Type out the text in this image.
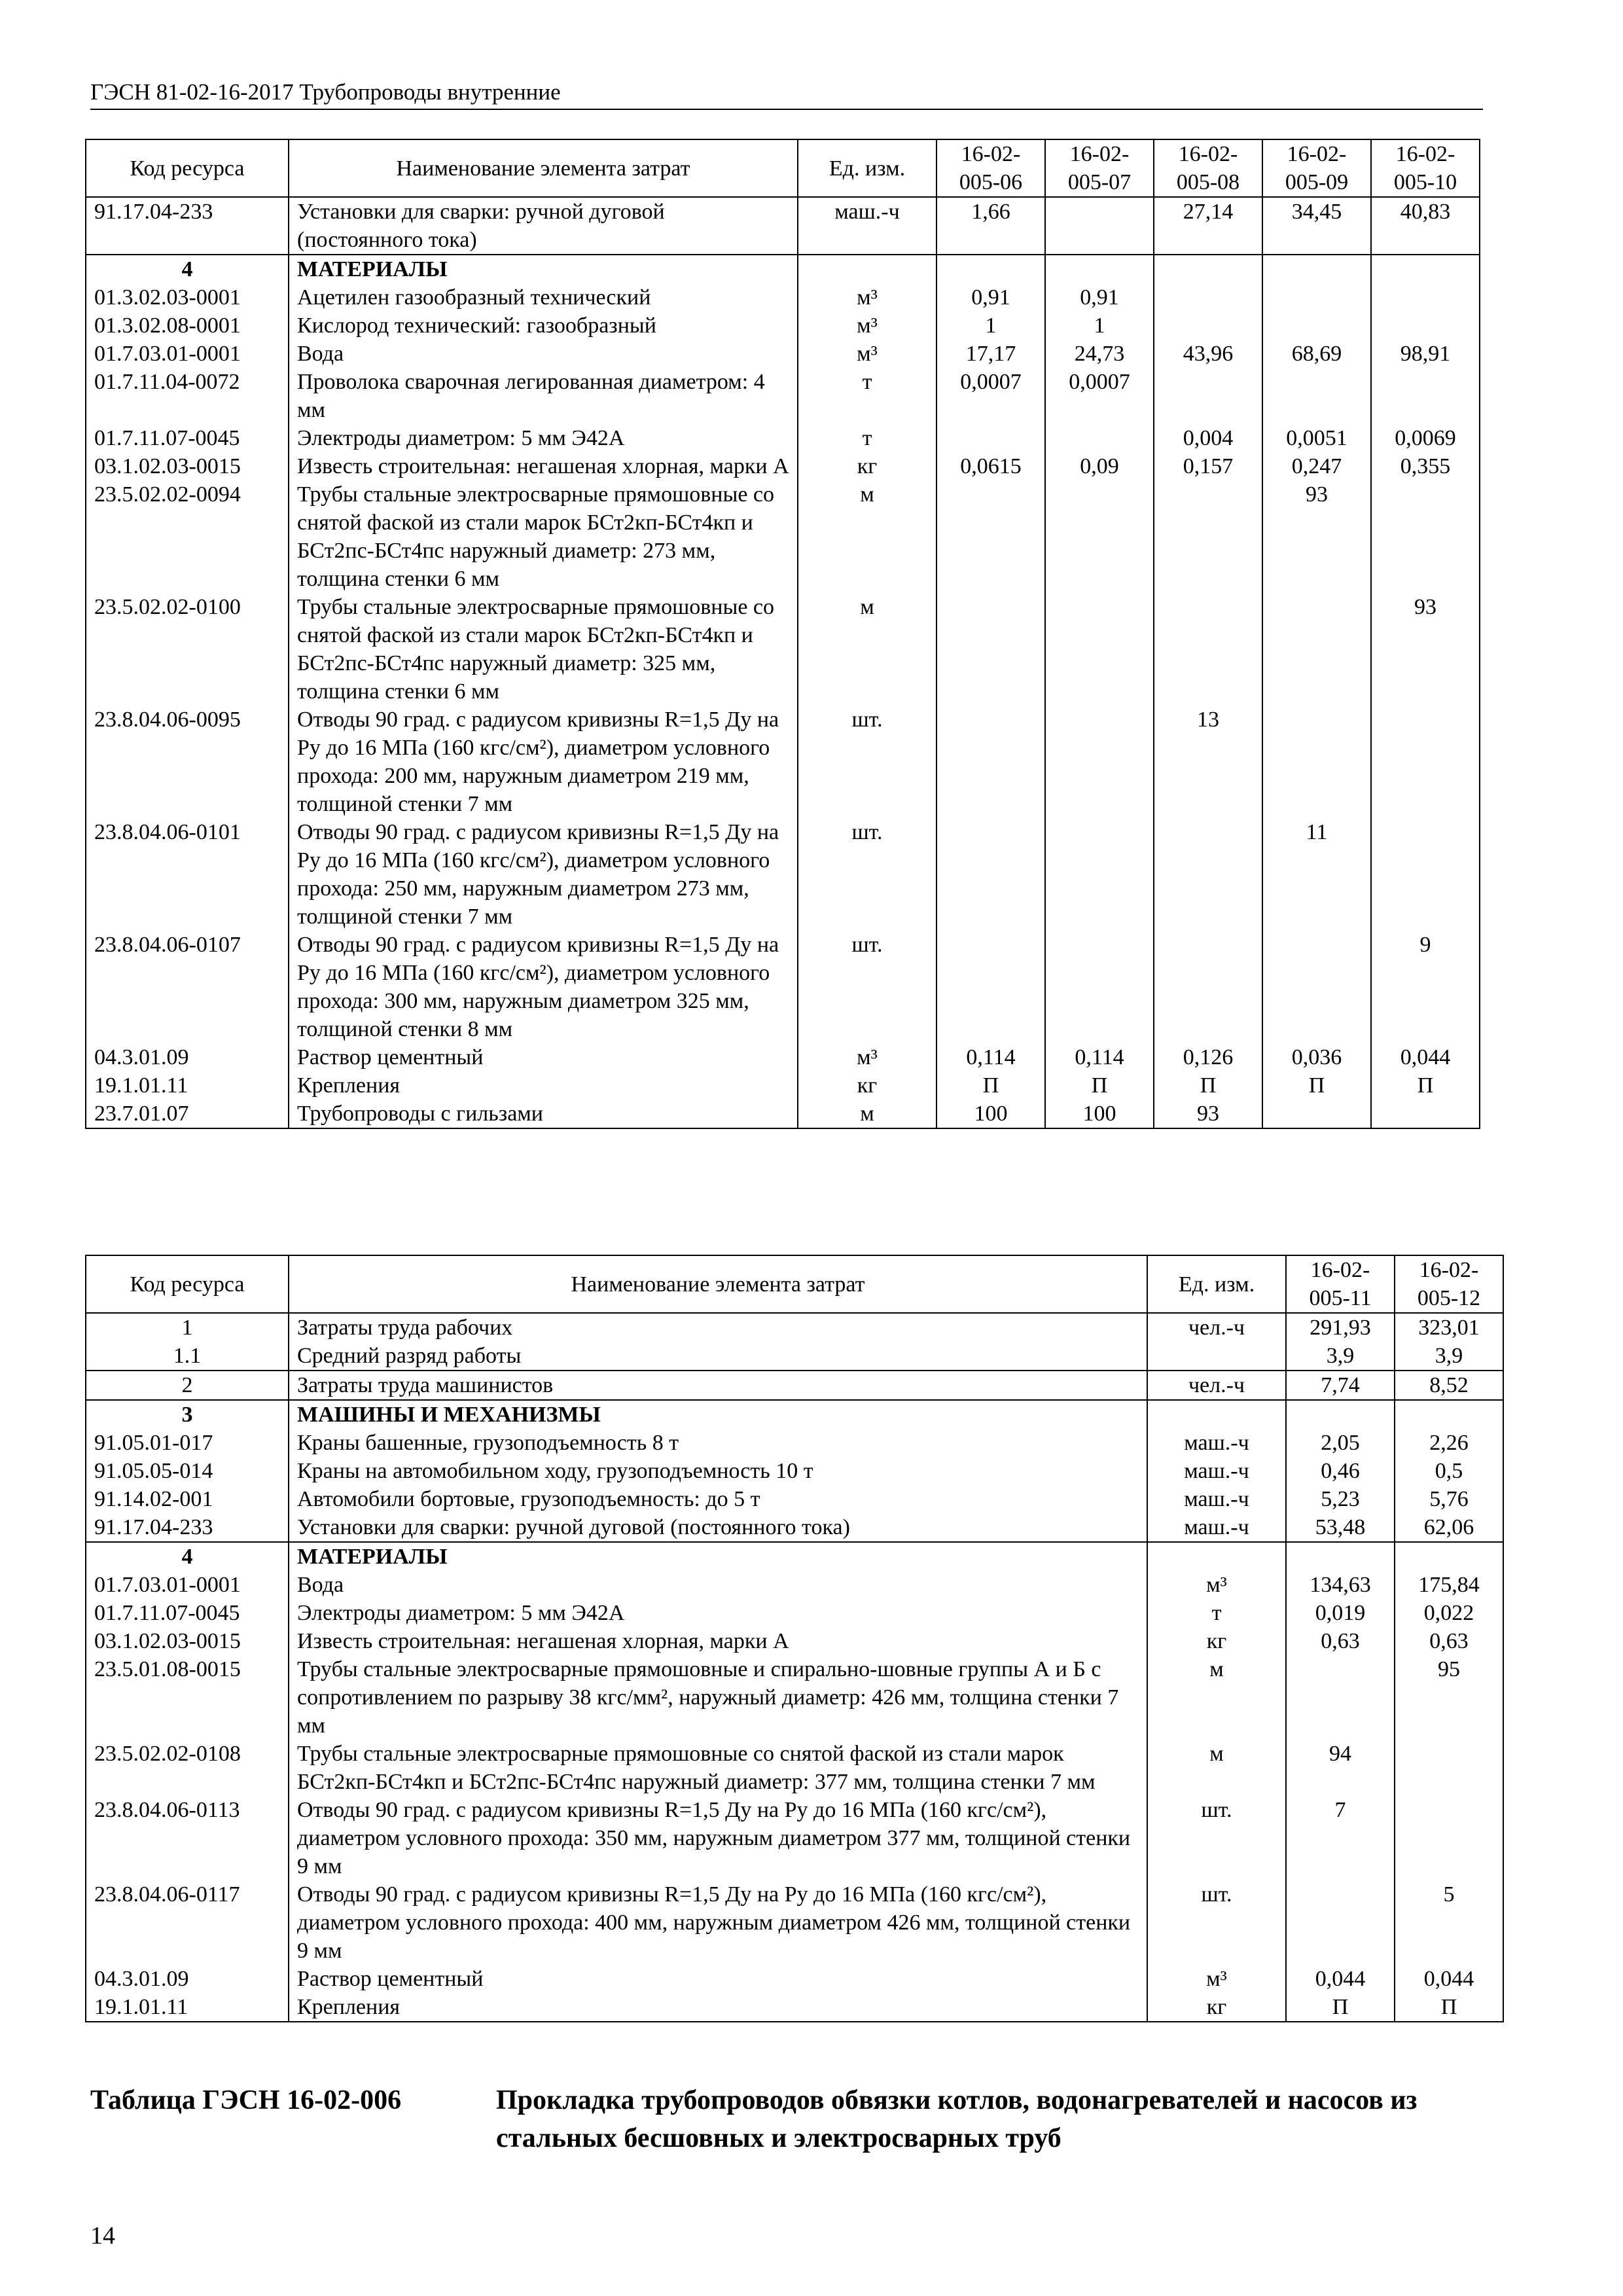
ГЭСН 81-02-16-2017 Трубопроводы внутренние
Код ресурса	Наименование элемента затрат	Ед. изм.	16-02-005-06	16-02-005-07	16-02-005-08	16-02-005-09	16-02-005-10
91.17.04-233	Установки для сварки: ручной дуговой (постоянного тока)	маш.-ч	1,66		27,14	34,45	40,83
4	МАТЕРИАЛЫ						
01.3.02.03-0001	Ацетилен газообразный технический	м³	0,91	0,91			
01.3.02.08-0001	Кислород технический: газообразный	м³	1	1			
01.7.03.01-0001	Вода	м³	17,17	24,73	43,96	68,69	98,91
01.7.11.04-0072	Проволока сварочная легированная диаметром: 4 мм	т	0,0007	0,0007			
01.7.11.07-0045	Электроды диаметром: 5 мм Э42А	т			0,004	0,0051	0,0069
03.1.02.03-0015	Известь строительная: негашеная хлорная, марки А	кг	0,0615	0,09	0,157	0,247	0,355
23.5.02.02-0094	Трубы стальные электросварные прямошовные со снятой фаской из стали марок БСт2кп-БСт4кп и БСт2пс-БСт4пс наружный диаметр: 273 мм, толщина стенки 6 мм	м				93	
23.5.02.02-0100	Трубы стальные электросварные прямошовные со снятой фаской из стали марок БСт2кп-БСт4кп и БСт2пс-БСт4пс наружный диаметр: 325 мм, толщина стенки 6 мм	м					93
23.8.04.06-0095	Отводы 90 град. с радиусом кривизны R=1,5 Ду на Ру до 16 МПа (160 кгс/см²), диаметром условного прохода: 200 мм, наружным диаметром 219 мм, толщиной стенки 7 мм	шт.			13		
23.8.04.06-0101	Отводы 90 град. с радиусом кривизны R=1,5 Ду на Ру до 16 МПа (160 кгс/см²), диаметром условного прохода: 250 мм, наружным диаметром 273 мм, толщиной стенки 7 мм	шт.				11	
23.8.04.06-0107	Отводы 90 град. с радиусом кривизны R=1,5 Ду на Ру до 16 МПа (160 кгс/см²), диаметром условного прохода: 300 мм, наружным диаметром 325 мм, толщиной стенки 8 мм	шт.					9
04.3.01.09	Раствор цементный	м³	0,114	0,114	0,126	0,036	0,044
19.1.01.11	Крепления	кг	П	П	П	П	П
23.7.01.07	Трубопроводы с гильзами	м	100	100	93		
Код ресурса	Наименование элемента затрат	Ед. изм.	16-02-005-11	16-02-005-12
1	Затраты труда рабочих	чел.-ч	291,93	323,01
1.1	Средний разряд работы		3,9	3,9
2	Затраты труда машинистов	чел.-ч	7,74	8,52
3	МАШИНЫ И МЕХАНИЗМЫ			
91.05.01-017	Краны башенные, грузоподъемность 8 т	маш.-ч	2,05	2,26
91.05.05-014	Краны на автомобильном ходу, грузоподъемность 10 т	маш.-ч	0,46	0,5
91.14.02-001	Автомобили бортовые, грузоподъемность: до 5 т	маш.-ч	5,23	5,76
91.17.04-233	Установки для сварки: ручной дуговой (постоянного тока)	маш.-ч	53,48	62,06
4	МАТЕРИАЛЫ			
01.7.03.01-0001	Вода	м³	134,63	175,84
01.7.11.07-0045	Электроды диаметром: 5 мм Э42А	т	0,019	0,022
03.1.02.03-0015	Известь строительная: негашеная хлорная, марки А	кг	0,63	0,63
23.5.01.08-0015	Трубы стальные электросварные прямошовные и спирально-шовные группы А и Б с сопротивлением по разрыву 38 кгс/мм², наружный диаметр: 426 мм, толщина стенки 7 мм	м		95
23.5.02.02-0108	Трубы стальные электросварные прямошовные со снятой фаской из стали марок БСт2кп-БСт4кп и БСт2пс-БСт4пс наружный диаметр: 377 мм, толщина стенки 7 мм	м	94	
23.8.04.06-0113	Отводы 90 град. с радиусом кривизны R=1,5 Ду на Ру до 16 МПа (160 кгс/см²), диаметром условного прохода: 350 мм, наружным диаметром 377 мм, толщиной стенки 9 мм	шт.	7	
23.8.04.06-0117	Отводы 90 град. с радиусом кривизны R=1,5 Ду на Ру до 16 МПа (160 кгс/см²), диаметром условного прохода: 400 мм, наружным диаметром 426 мм, толщиной стенки 9 мм	шт.		5
04.3.01.09	Раствор цементный	м³	0,044	0,044
19.1.01.11	Крепления	кг	П	П
Таблица ГЭСН 16-02-006	Прокладка трубопроводов обвязки котлов, водонагревателей и насосов из стальных бесшовных и электросварных труб
14
